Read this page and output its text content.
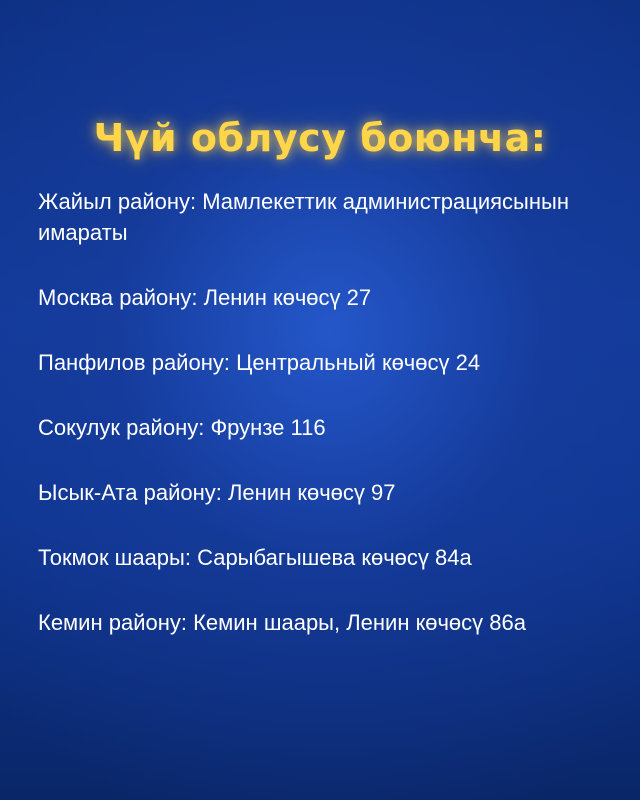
Чүй облусу боюнча:
Жайыл району: Мамлекеттик администрациясынын имараты
Москва району: Ленин көчөсү 27
Панфилов району: Центральный көчөсү 24
Сокулук району: Фрунзе 116
Ысык-Ата району: Ленин көчөсү 97
Токмок шаары: Сарыбагышева көчөсү 84а
Кемин району: Кемин шаары, Ленин көчөсү 86а
